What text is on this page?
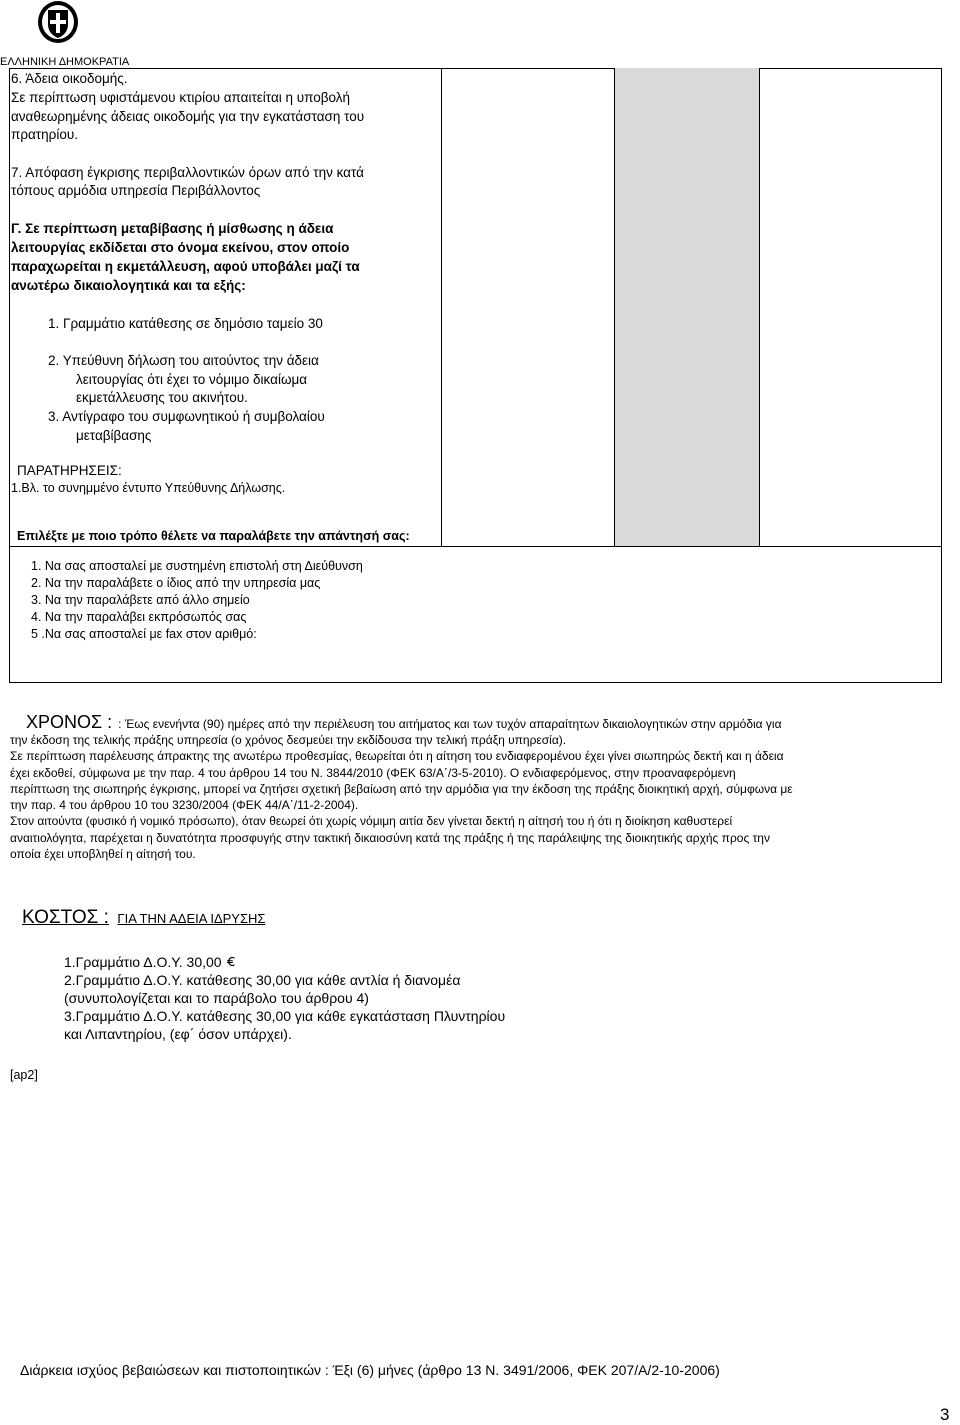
ΕΛΛΗΝΙΚΗ ΔΗΜΟΚΡΑΤΙΑ
6. Άδεια οικοδομής.
Σε περίπτωση υφιστάμενου κτιρίου απαιτείται η υποβολή
αναθεωρημένης άδειας οικοδομής για την εγκατάσταση του
πρατηρίου.
7. Απόφαση έγκρισης περιβαλλοντικών όρων από την κατά
τόπους αρμόδια υπηρεσία Περιβάλλοντος
Γ. Σε περίπτωση μεταβίβασης ή μίσθωσης η άδεια
λειτουργίας εκδίδεται στο όνομα εκείνου, στον οποίο
παραχωρείται η εκμετάλλευση, αφού υποβάλει μαζί τα
ανωτέρω δικαιολογητικά και τα εξής:
1. Γραμμάτιο κατάθεσης σε δημόσιο ταμείο 30
2. Υπεύθυνη δήλωση του αιτούντος την άδεια
λειτουργίας ότι έχει το νόμιμο δικαίωμα
εκμετάλλευσης του ακινήτου.
3. Αντίγραφο του συμφωνητικού ή συμβολαίου
μεταβίβασης
ΠΑΡΑΤΗΡΗΣΕΙΣ:
1.Βλ. το συνημμένο έντυπο Υπεύθυνης Δήλωσης.
Επιλέξτε με ποιο τρόπο θέλετε να παραλάβετε την απάντησή σας:
1. Να σας αποσταλεί με συστημένη επιστολή στη Διεύθυνση
2. Να την παραλάβετε ο ίδιος από την υπηρεσία μας
3. Να την παραλάβετε από άλλο σημείο
4. Να την παραλάβει εκπρόσωπός σας
5 .Να σας αποσταλεί με fax στον αριθμό:
ΧΡΟΝΟΣ : : Έως ενενήντα (90) ημέρες από την περιέλευση του αιτήματος και των τυχόν απαραίτητων δικαιολογητικών στην αρμόδια για
την έκδοση της τελικής πράξης υπηρεσία (ο χρόνος δεσμεύει την εκδίδουσα την τελική πράξη υπηρεσία).
Σε περίπτωση παρέλευσης άπρακτης της ανωτέρω προθεσμίας, θεωρείται ότι η αίτηση του ενδιαφερομένου έχει γίνει σιωπηρώς δεκτή και η άδεια
έχει εκδοθεί, σύμφωνα με την παρ. 4 του άρθρου 14 του Ν. 3844/2010 (ΦΕΚ 63/Α΄/3-5-2010). Ο ενδιαφερόμενος, στην προαναφερόμενη
περίπτωση της σιωπηρής έγκρισης, μπορεί να ζητήσει σχετική βεβαίωση από την αρμόδια για την έκδοση της πράξης διοικητική αρχή, σύμφωνα με
την παρ. 4 του άρθρου 10 του 3230/2004 (ΦΕΚ 44/Α΄/11-2-2004).
Στον αιτούντα (φυσικό ή νομικό πρόσωπο), όταν θεωρεί ότι χωρίς νόμιμη αιτία δεν γίνεται δεκτή η αίτησή του ή ότι η διοίκηση καθυστερεί
αναιτιολόγητα, παρέχεται η δυνατότητα προσφυγής στην τακτική δικαιοσύνη κατά της πράξης ή της παράλειψης της διοικητικής αρχής προς την
οποία έχει υποβληθεί η αίτησή του.
ΚΟΣΤΟΣ : ΓΙΑ ΤΗΝ ΑΔΕΙΑ ΙΔΡΥΣΗΣ
1.Γραμμάτιο Δ.Ο.Υ. 30,00
2.Γραμμάτιο Δ.Ο.Υ. κατάθεσης 30,00 για κάθε αντλία ή διανομέα
(συνυπολογίζεται και το παράβολο του άρθρου 4)
3.Γραμμάτιο Δ.Ο.Υ. κατάθεσης 30,00 για κάθε εγκατάσταση Πλυντηρίου
και Λιπαντηρίου, (εφ΄ όσον υπάρχει).
[ap2]
Διάρκεια ισχύος βεβαιώσεων και πιστοποιητικών : Έξι (6) μήνες (άρθρο 13 Ν. 3491/2006, ΦΕΚ 207/Α/2-10-2006)
3
